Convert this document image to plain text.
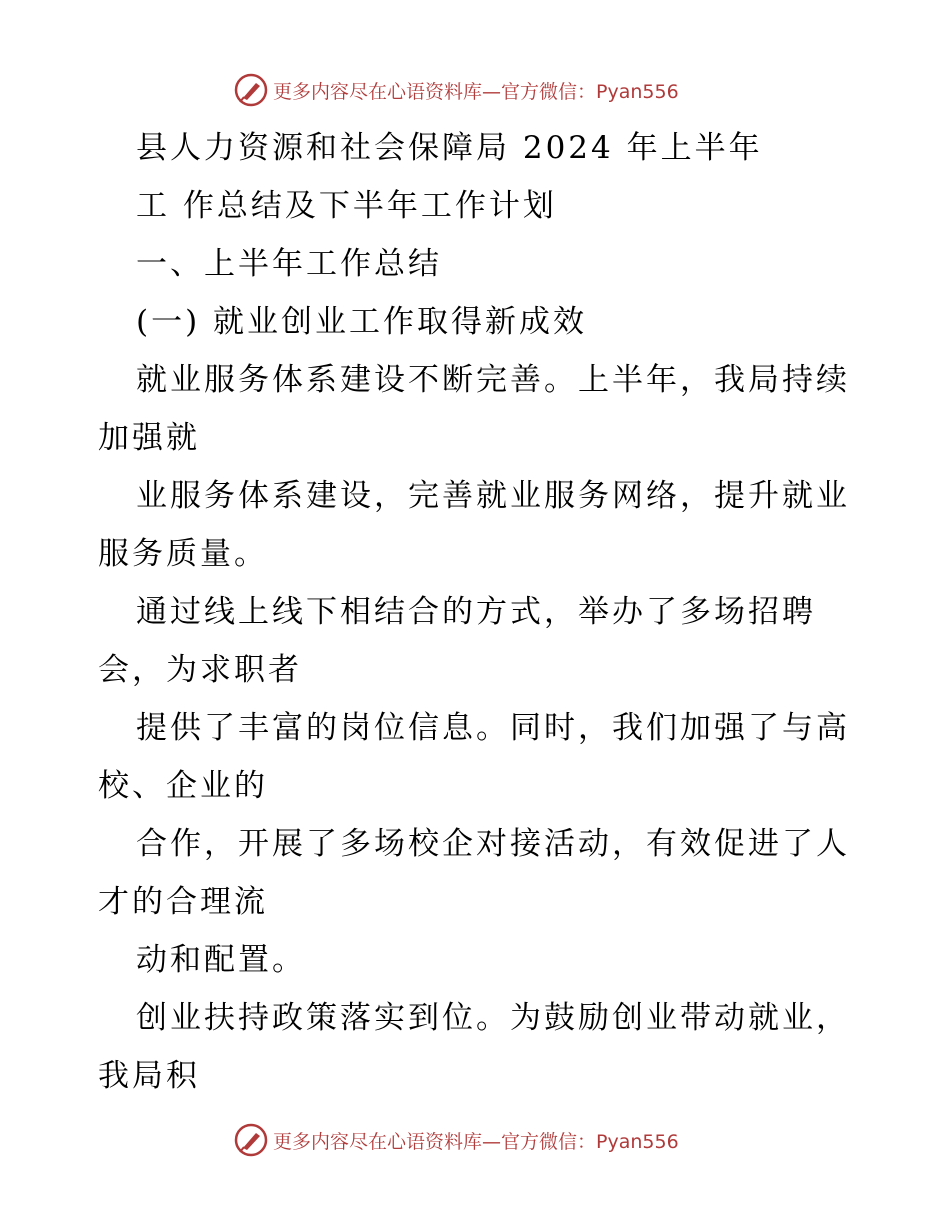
更多内容尽在心语资料库—官方微信：Pyan556
县人力资源和社会保障局 2024 年上半年
工 作总结及下半年工作计划
一、上半年工作总结
(一) 就业创业工作取得新成效
就业服务体系建设不断完善。上半年，我局持续
加强就
业服务体系建设，完善就业服务网络，提升就业
服务质量。
通过线上线下相结合的方式，举办了多场招聘
会，为求职者
提供了丰富的岗位信息。同时，我们加强了与高
校、企业的
合作，开展了多场校企对接活动，有效促进了人
才的合理流
动和配置。
创业扶持政策落实到位。为鼓励创业带动就业，
我局积
更多内容尽在心语资料库—官方微信：Pyan556
